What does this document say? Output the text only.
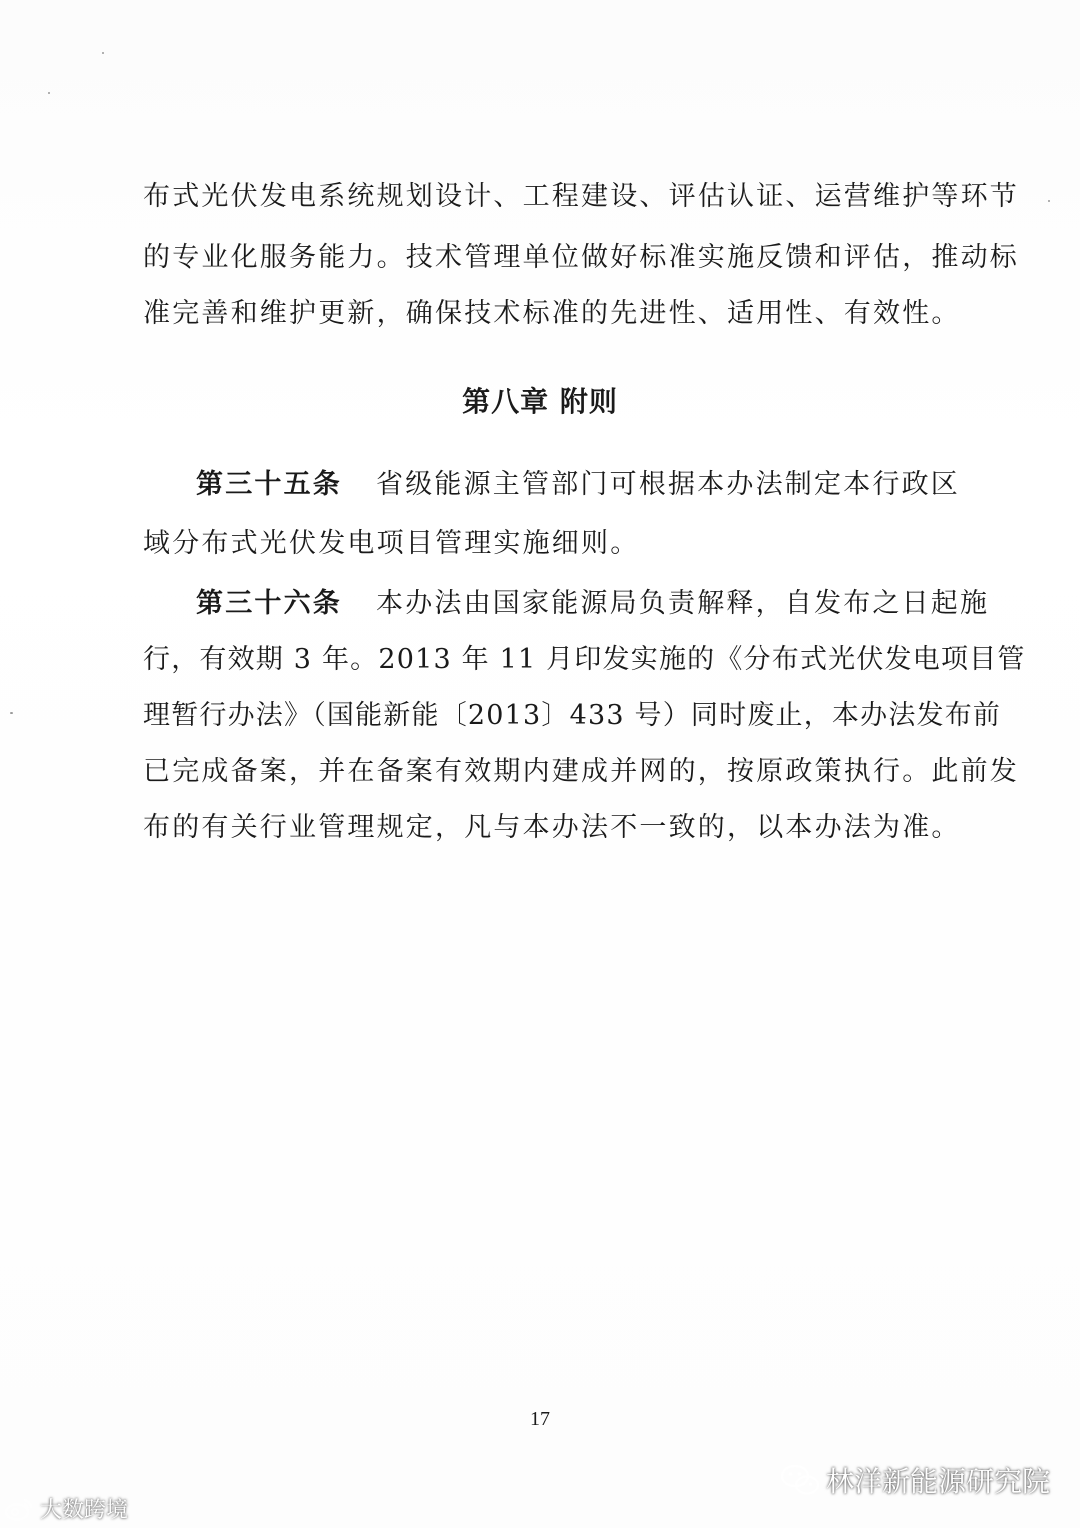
布式光伏发电系统规划设计、工程建设、评估认证、运营维护等环节
的专业化服务能力。技术管理单位做好标准实施反馈和评估，推动标
准完善和维护更新，确保技术标准的先进性、适用性、有效性。
第八章 附则
第三十五条 省级能源主管部门可根据本办法制定本行政区
域分布式光伏发电项目管理实施细则。
第三十六条 本办法由国家能源局负责解释，自发布之日起施
行，有效期 3 年。2013 年 11 月印发实施的《分布式光伏发电项目管
理暂行办法》（国能新能〔2013〕433 号）同时废止，本办法发布前
已完成备案，并在备案有效期内建成并网的，按原政策执行。此前发
布的有关行业管理规定，凡与本办法不一致的，以本办法为准。
17
大数跨境
林洋新能源研究院
